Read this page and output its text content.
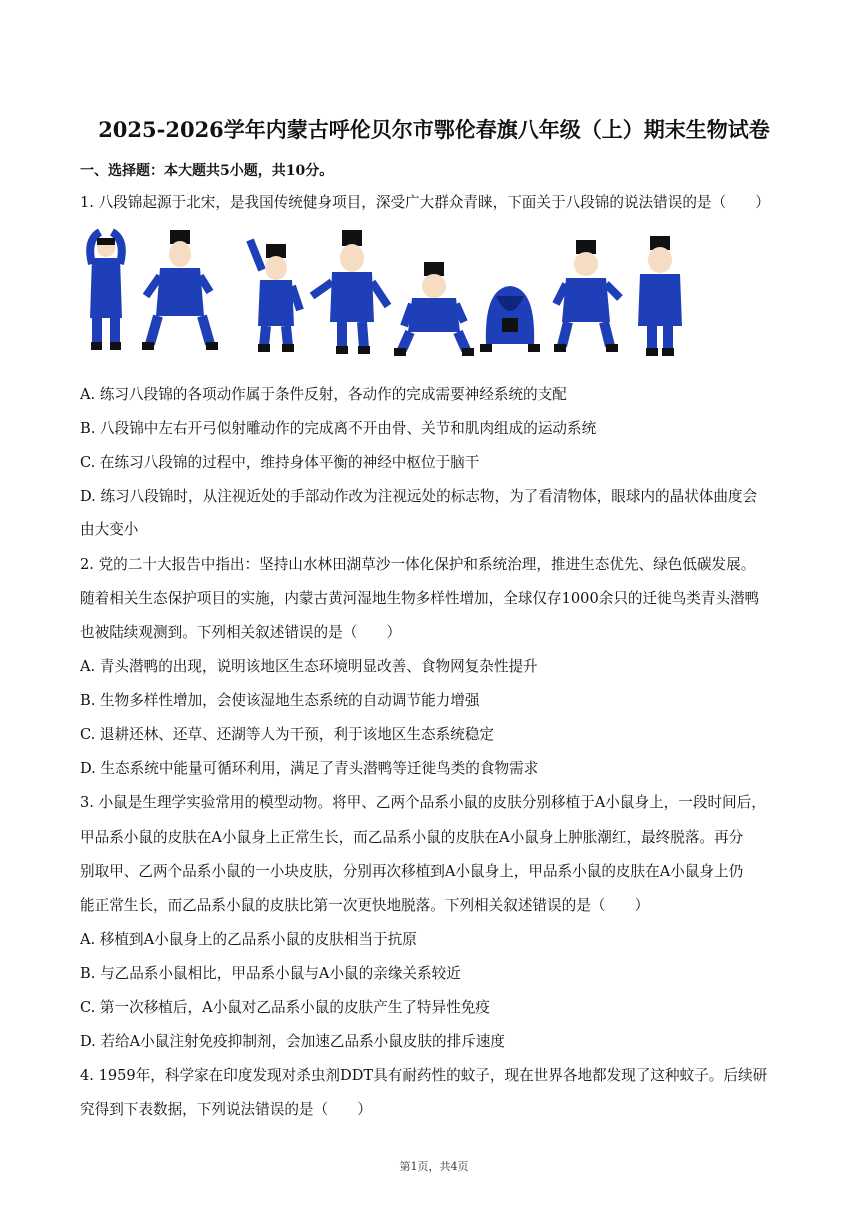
2025-2026学年内蒙古呼伦贝尔市鄂伦春旗八年级（上）期末生物试卷
一、选择题：本大题共5小题，共10分。
1. 八段锦起源于北宋，是我国传统健身项目，深受广大群众青睐，下面关于八段锦的说法错误的是（　　）
A. 练习八段锦的各项动作属于条件反射，各动作的完成需要神经系统的支配
B. 八段锦中左右开弓似射雕动作的完成离不开由骨、关节和肌肉组成的运动系统
C. 在练习八段锦的过程中，维持身体平衡的神经中枢位于脑干
D. 练习八段锦时，从注视近处的手部动作改为注视远处的标志物，为了看清物体，眼球内的晶状体曲度会
由大变小
2. 党的二十大报告中指出：坚持山水林田湖草沙一体化保护和系统治理，推进生态优先、绿色低碳发展。
随着相关生态保护项目的实施，内蒙古黄河湿地生物多样性增加，全球仅存1000余只的迁徙鸟类青头潜鸭
也被陆续观测到。下列相关叙述错误的是（　　）
A. 青头潜鸭的出现，说明该地区生态环境明显改善、食物网复杂性提升
B. 生物多样性增加，会使该湿地生态系统的自动调节能力增强
C. 退耕还林、还草、还湖等人为干预，利于该地区生态系统稳定
D. 生态系统中能量可循环利用，满足了青头潜鸭等迁徙鸟类的食物需求
3. 小鼠是生理学实验常用的模型动物。将甲、乙两个品系小鼠的皮肤分别移植于A小鼠身上，一段时间后，
甲品系小鼠的皮肤在A小鼠身上正常生长，而乙品系小鼠的皮肤在A小鼠身上肿胀潮红，最终脱落。再分
别取甲、乙两个品系小鼠的一小块皮肤，分别再次移植到A小鼠身上，甲品系小鼠的皮肤在A小鼠身上仍
能正常生长，而乙品系小鼠的皮肤比第一次更快地脱落。下列相关叙述错误的是（　　）
A. 移植到A小鼠身上的乙品系小鼠的皮肤相当于抗原
B. 与乙品系小鼠相比，甲品系小鼠与A小鼠的亲缘关系较近
C. 第一次移植后，A小鼠对乙品系小鼠的皮肤产生了特异性免疫
D. 若给A小鼠注射免疫抑制剂，会加速乙品系小鼠皮肤的排斥速度
4. 1959年，科学家在印度发现对杀虫剂DDT具有耐药性的蚊子，现在世界各地都发现了这种蚊子。后续研
究得到下表数据，下列说法错误的是（　　）
第1页，共4页
